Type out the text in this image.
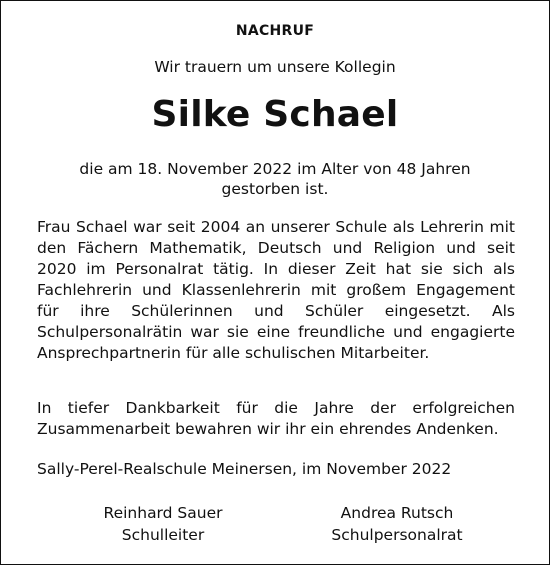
NACHRUF
Wir trauern um unsere Kollegin
Silke Schael
die am 18. November 2022 im Alter von 48 Jahren
gestorben ist.
Frau Schael war seit 2004 an unserer Schule als Lehrerin mit
den Fächern Mathematik, Deutsch und Religion und seit
2020 im Personalrat tätig. In dieser Zeit hat sie sich als
Fachlehrerin und Klassenlehrerin mit großem Engagement
für ihre Schülerinnen und Schüler eingesetzt. Als
Schulpersonalrätin war sie eine freundliche und engagierte
Ansprechpartnerin für alle schulischen Mitarbeiter.
In tiefer Dankbarkeit für die Jahre der erfolgreichen
Zusammenarbeit bewahren wir ihr ein ehrendes Andenken.
Sally-Perel-Realschule Meinersen, im November 2022
Reinhard Sauer
Schulleiter
Andrea Rutsch
Schulpersonalrat
